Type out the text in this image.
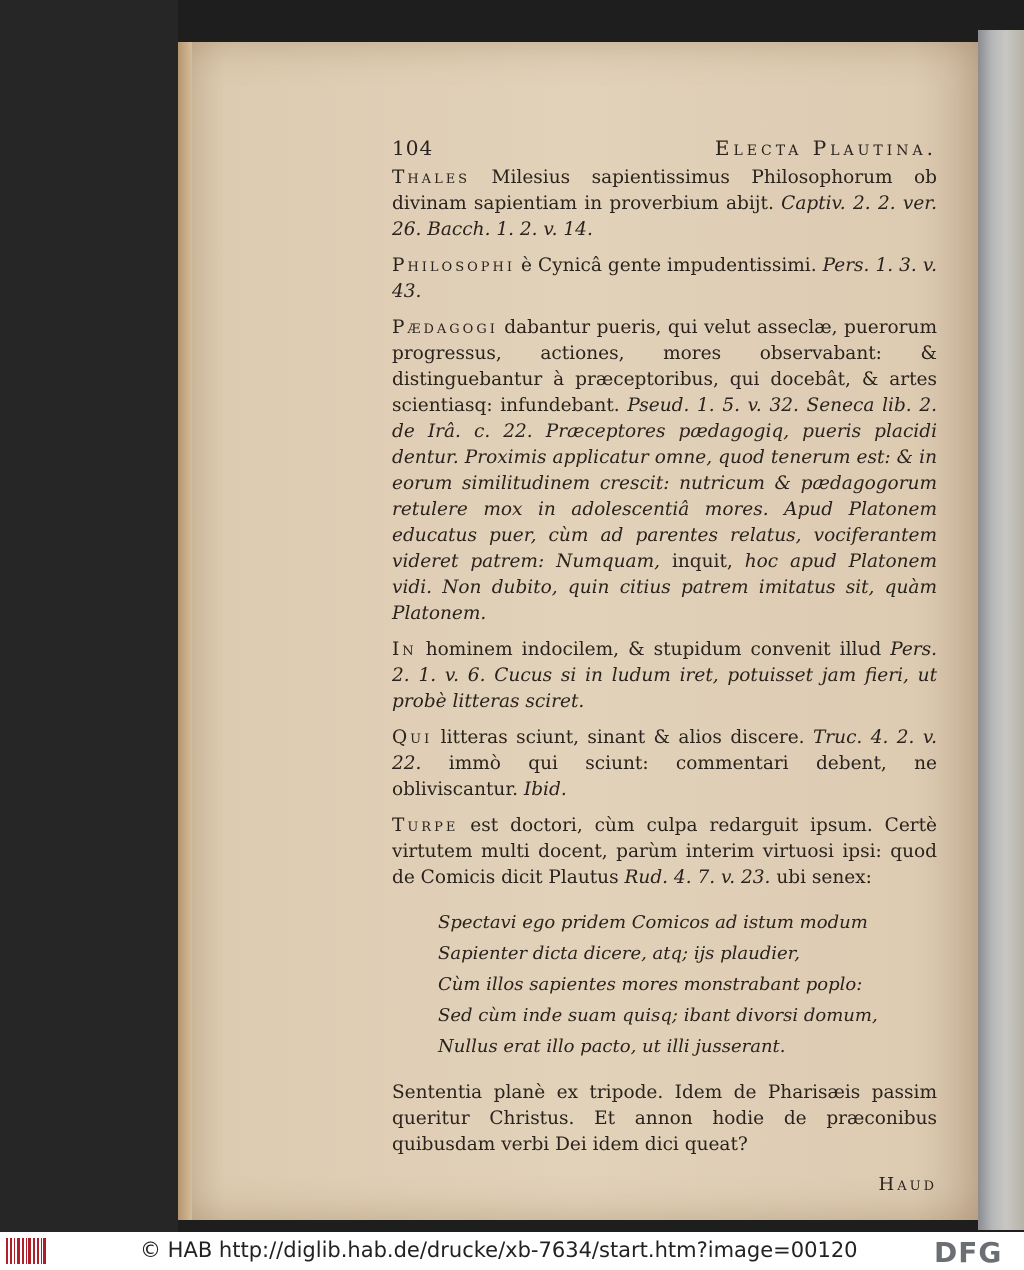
104	Electa Plautina.

Thales Milesius sapientissimus Philosophorum ob divinam sapientiam in proverbium abijt. Captiv. 2. 2. ver. 26. Bacch. 1. 2. v. 14.

Philosophi è Cynicâ gente impudentissimi. Pers. 1. 3. v. 43.

Pædagogi dabantur pueris, qui velut asseclæ, puerorum progressus, actiones, mores observabant: & distinguebantur à præceptoribus, qui docebât, & artes scientiasq: infundebant. Pseud. 1. 5. v. 32. Seneca lib. 2. de Irâ. c. 22. Præceptores pædagogiq, pueris placidi dentur. Proximis applicatur omne, quod tenerum est: & in eorum similitudinem crescit: nutricum & pædagogorum retulere mox in adolescentiâ mores. Apud Platonem educatus puer, cùm ad parentes relatus, vociferantem videret patrem: Numquam, inquit, hoc apud Platonem vidi. Non dubito, quin citius patrem imitatus sit, quàm Platonem.

In hominem indocilem, & stupidum convenit illud Pers. 2. 1. v. 6. Cucus si in ludum iret, potuisset jam fieri, ut probè litteras sciret.

Qui litteras sciunt, sinant & alios discere. Truc. 4. 2. v. 22. immò qui sciunt: commentari debent, ne obliviscantur. Ibid.

Turpe est doctori, cùm culpa redarguit ipsum. Certè virtutem multi docent, parùm interim virtuosi ipsi: quod de Comicis dicit Plautus Rud. 4. 7. v. 23. ubi senex:

Spectavi ego pridem Comicos ad istum modum
Sapienter dicta dicere, atq; ijs plaudier,
Cùm illos sapientes mores monstrabant poplo:
Sed cùm inde suam quisq; ibant divorsi domum,
Nullus erat illo pacto, ut illi jusserant.

Sententia planè ex tripode. Idem de Pharisæis passim queritur Christus. Et annon hodie de præconibus quibusdam verbi Dei idem dici queat?

Haud
© HAB http://diglib.hab.de/drucke/xb-7634/start.htm?image=00120	DFG
